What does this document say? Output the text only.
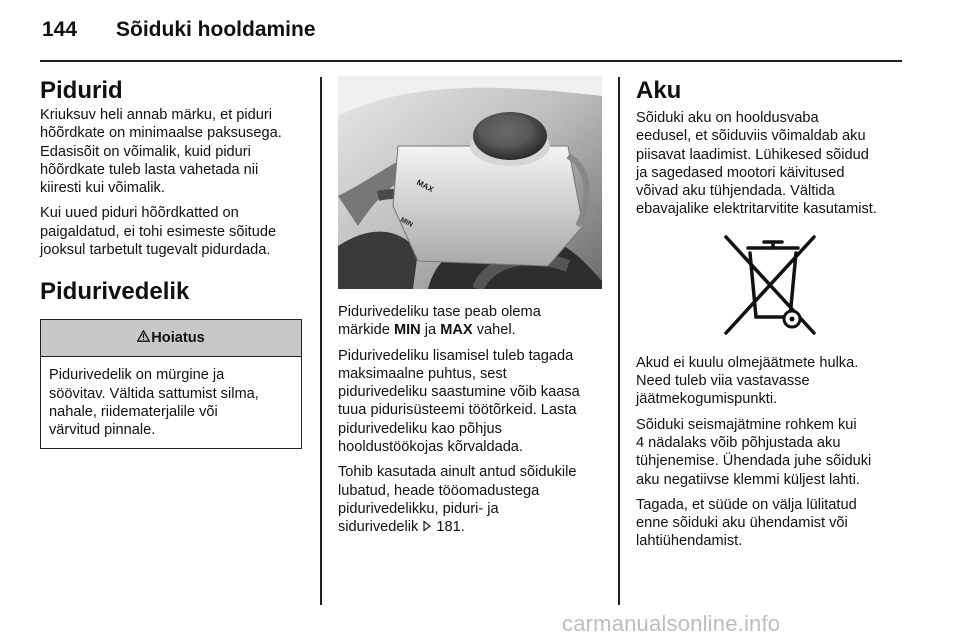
144 Sõiduki hooldamine
Pidurid

Kriuksuv heli annab märku, et piduri
hõõrdkate on minimaalse paksusega.
Edasisõit on võimalik, kuid piduri
hõõrdkate tuleb lasta vahetada nii
kiiresti kui võimalik.

Kui uued piduri hõõrdkatted on
paigaldatud, ei tohi esimeste sõitude
jooksul tarbetult tugevalt pidurdada.

Pidurivedelik
Hoiatus

Pidurivedelik on mürgine ja
söövitav. Vältida sattumist silma,
nahale, riidematerjalile või
värvitud pinnale.

MAX
MIN

Pidurivedeliku tase peab olema
märkide MIN ja MAX vahel.

Pidurivedeliku lisamisel tuleb tagada
maksimaalne puhtus, sest
pidurivedeliku saastumine võib kaasa
tuua pidurisüsteemi töötõrkeid. Lasta
pidurivedeliku kao põhjus
hooldustöökojas kõrvaldada.

Tohib kasutada ainult antud sõidukile
lubatud, heade tööomadustega
pidurivedelikku, piduri- ja
sidurivedelik  181.

Aku

Sõiduki aku on hooldusvaba
eedusel, et sõiduviis võimaldab aku
piisavat laadimist. Lühikesed sõidud
ja sagedased mootori käivitused
võivad aku tühjendada. Vältida
ebavajalike elektritarvitite kasutamist.

Akud ei kuulu olmejäätmete hulka.
Need tuleb viia vastavasse
jäätmekogumispunkti.

Sõiduki seismajätmine rohkem kui
4 nädalaks võib põhjustada aku
tühjenemise. Ühendada juhe sõiduki
aku negatiivse klemmi küljest lahti.

Tagada, et süüde on välja lülitatud
enne sõiduki aku ühendamist või
lahtiühendamist.

carmanualsonline.info
